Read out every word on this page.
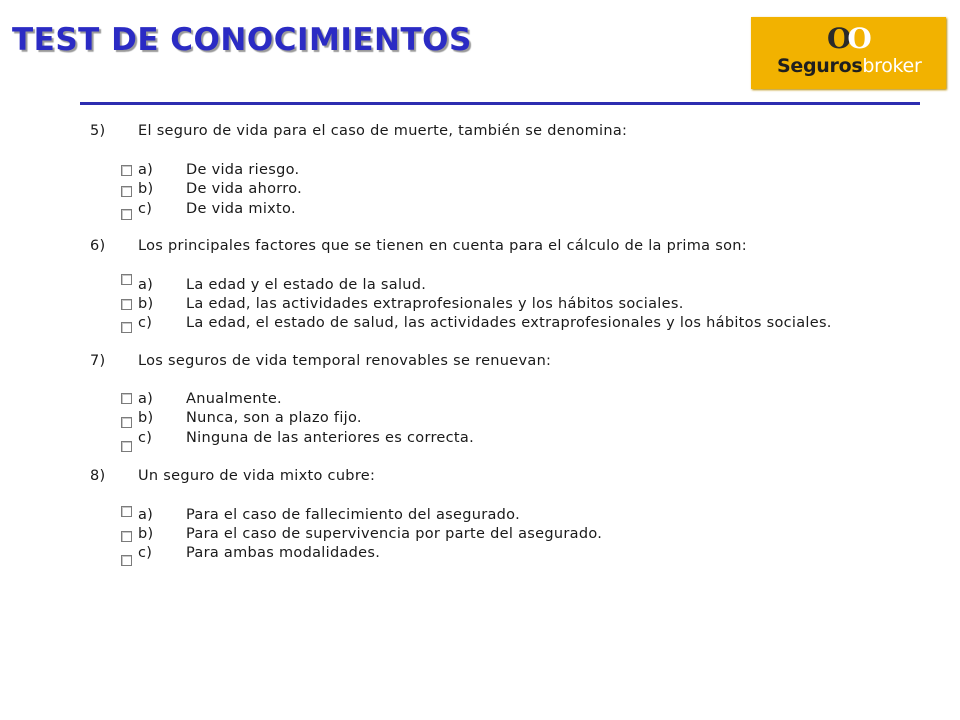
TEST DE CONOCIMIENTOS	OO
Segurosbroker
5) El seguro de vida para el caso de muerte, también se denomina:
a) De vida riesgo.
b) De vida ahorro.
c) De vida mixto.
6) Los principales factores que se tienen en cuenta para el cálculo de la prima son:
a) La edad y el estado de la salud.
b) La edad, las actividades extraprofesionales y los hábitos sociales.
c) La edad, el estado de salud, las actividades extraprofesionales y los hábitos sociales.
7) Los seguros de vida temporal renovables se renuevan:
a) Anualmente.
b) Nunca, son a plazo fijo.
c) Ninguna de las anteriores es correcta.
8) Un seguro de vida mixto cubre:
a) Para el caso de fallecimiento del asegurado.
b) Para el caso de supervivencia por parte del asegurado.
c) Para ambas modalidades.
